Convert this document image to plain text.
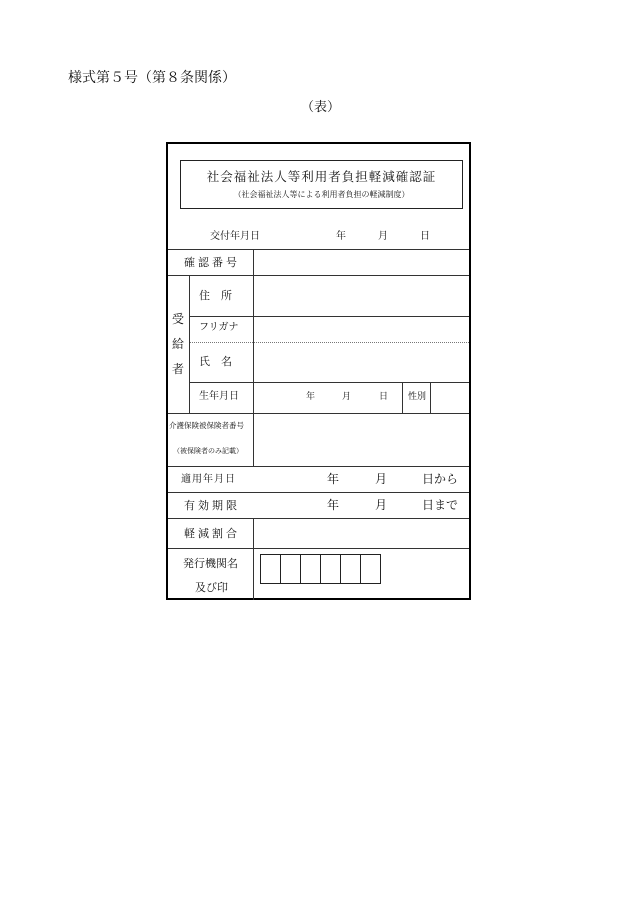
様式第５号（第８条関係）
（表）
社会福祉法人等利用者負担軽減確認証
（社会福祉法人等による利用者負担の軽減制度）
交付年月日	年	月	日
確認番号
受
給
者
住　所
フリガナ
氏　名
生年月日	年	月	日 性別
介護保険被保険者番号
（被保険者のみ記載）
適用年月日	年	月	日から
有効期限	年	月	日まで
軽減割合
発行機関名
及び印
